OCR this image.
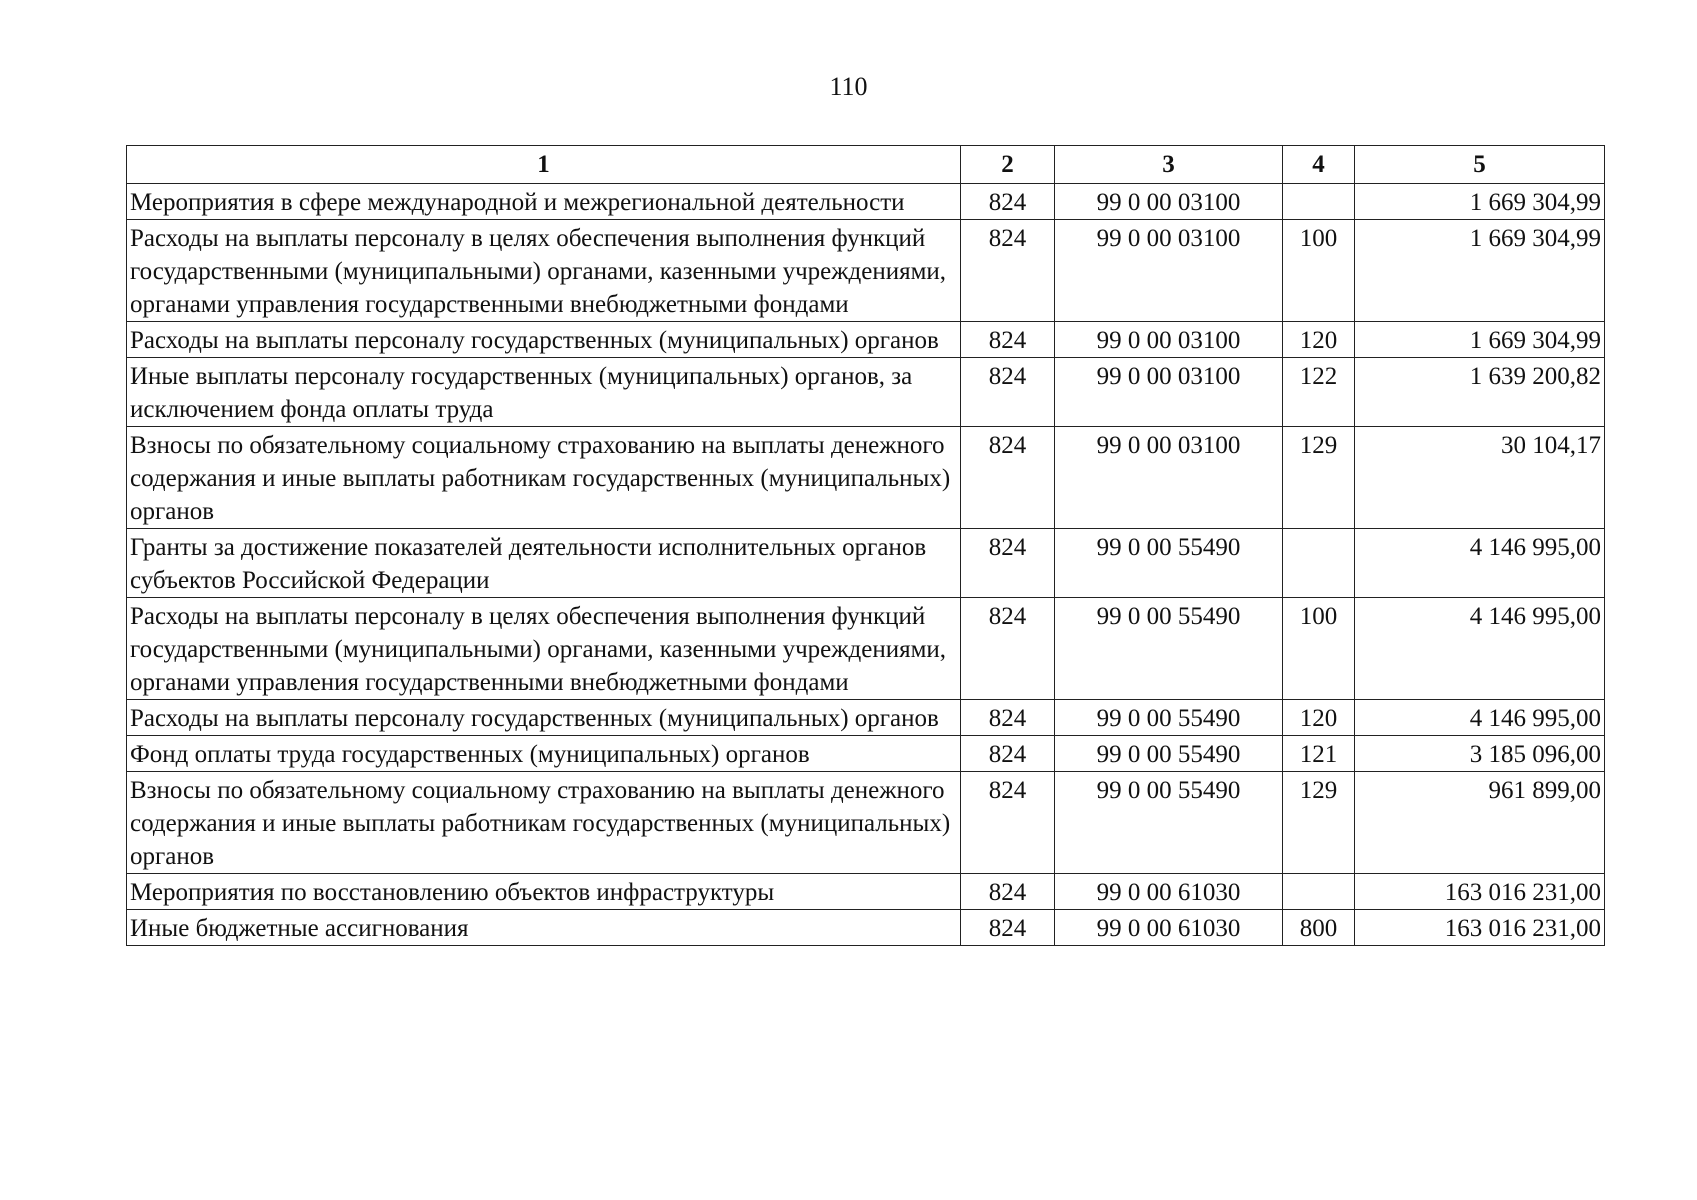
110
1	2	3	4	5
Мероприятия в сфере международной и межрегиональной деятельности	824	99 0 00 03100		1 669 304,99
Расходы на выплаты персоналу в целях обеспечения выполнения функций государственными (муниципальными) органами, казенными учреждениями, органами управления государственными внебюджетными фондами	824	99 0 00 03100	100	1 669 304,99
Расходы на выплаты персоналу государственных (муниципальных) органов	824	99 0 00 03100	120	1 669 304,99
Иные выплаты персоналу государственных (муниципальных) органов, за исключением фонда оплаты труда	824	99 0 00 03100	122	1 639 200,82
Взносы по обязательному социальному страхованию на выплаты денежного содержания и иные выплаты работникам государственных (муниципальных) органов	824	99 0 00 03100	129	30 104,17
Гранты за достижение показателей деятельности исполнительных органов субъектов Российской Федерации	824	99 0 00 55490		4 146 995,00
Расходы на выплаты персоналу в целях обеспечения выполнения функций государственными (муниципальными) органами, казенными учреждениями, органами управления государственными внебюджетными фондами	824	99 0 00 55490	100	4 146 995,00
Расходы на выплаты персоналу государственных (муниципальных) органов	824	99 0 00 55490	120	4 146 995,00
Фонд оплаты труда государственных (муниципальных) органов	824	99 0 00 55490	121	3 185 096,00
Взносы по обязательному социальному страхованию на выплаты денежного содержания и иные выплаты работникам государственных (муниципальных) органов	824	99 0 00 55490	129	961 899,00
Мероприятия по восстановлению объектов инфраструктуры	824	99 0 00 61030		163 016 231,00
Иные бюджетные ассигнования	824	99 0 00 61030	800	163 016 231,00
